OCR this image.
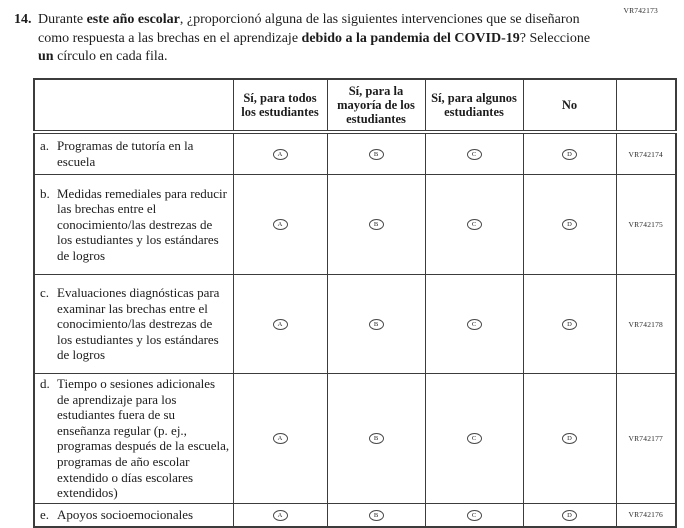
VR742173
14. Durante este año escolar, ¿proporcionó alguna de las siguientes intervenciones que se diseñaron como respuesta a las brechas en el aprendizaje debido a la pandemia del COVID-19? Seleccione un círculo en cada fila.
	Sí, para todos los estudiantes	Sí, para la mayoría de los estudiantes	Sí, para algunos estudiantes	No	

a. Programas de tutoría en la escuela	A	B	C	D	VR742174

b. Medidas remediales para reducir las brechas entre el conocimiento/las destrezas de los estudiantes y los estándares de logros	A	B	C	D	VR742175

c. Evaluaciones diagnósticas para examinar las brechas entre el conocimiento/las destrezas de los estudiantes y los estándares de logros	A	B	C	D	VR742178

d. Tiempo o sesiones adicionales de aprendizaje para los estudiantes fuera de su enseñanza regular (p. ej., programas después de la escuela, programas de año escolar extendido o días escolares extendidos)	A	B	C	D	VR742177

e. Apoyos socioemocionales	A	B	C	D	VR742176
